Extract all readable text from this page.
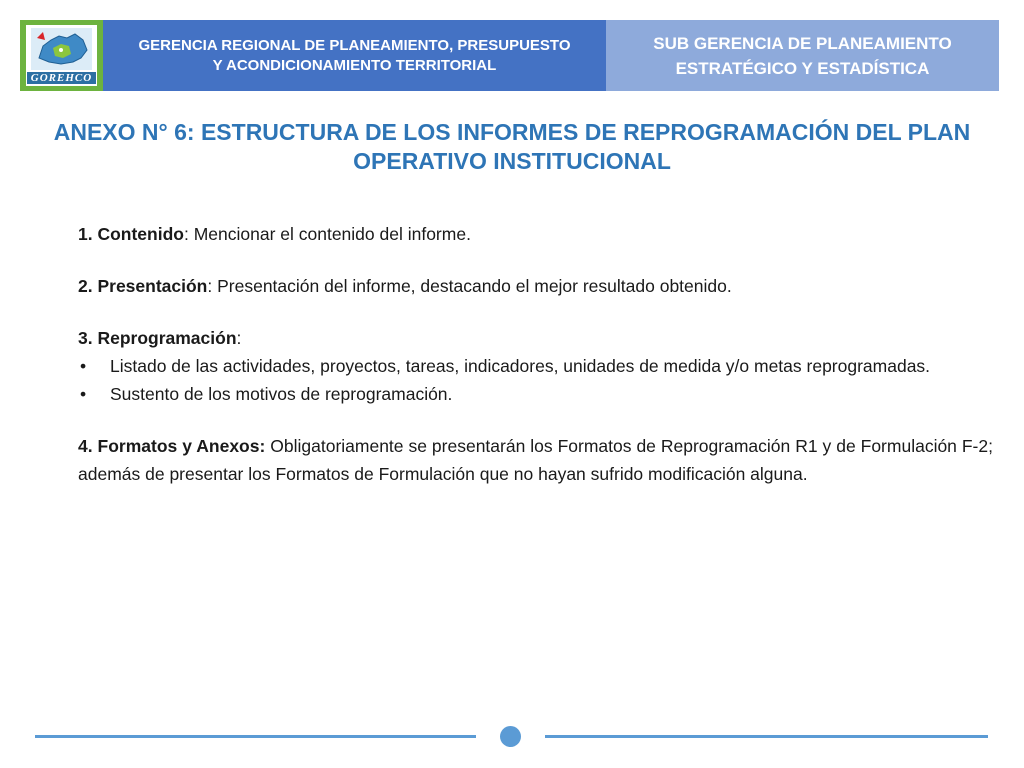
GOREHCO
GERENCIA REGIONAL DE PLANEAMIENTO, PRESUPUESTO
Y ACONDICIONAMIENTO TERRITORIAL
SUB GERENCIA DE PLANEAMIENTO
ESTRATÉGICO Y ESTADÍSTICA
ANEXO N° 6: ESTRUCTURA DE LOS INFORMES DE REPROGRAMACIÓN DEL PLAN
OPERATIVO INSTITUCIONAL

1. Contenido: Mencionar el contenido del informe.

2. Presentación: Presentación del informe, destacando el mejor resultado obtenido.

3. Reprogramación:

• Listado de las actividades, proyectos, tareas, indicadores, unidades de medida y/o metas reprogramadas.
• Sustento de los motivos de reprogramación.

4. Formatos y Anexos: Obligatoriamente se presentarán los Formatos de Reprogramación R1 y de Formulación F-2; además de presentar los Formatos de Formulación que no hayan sufrido modificación alguna.
